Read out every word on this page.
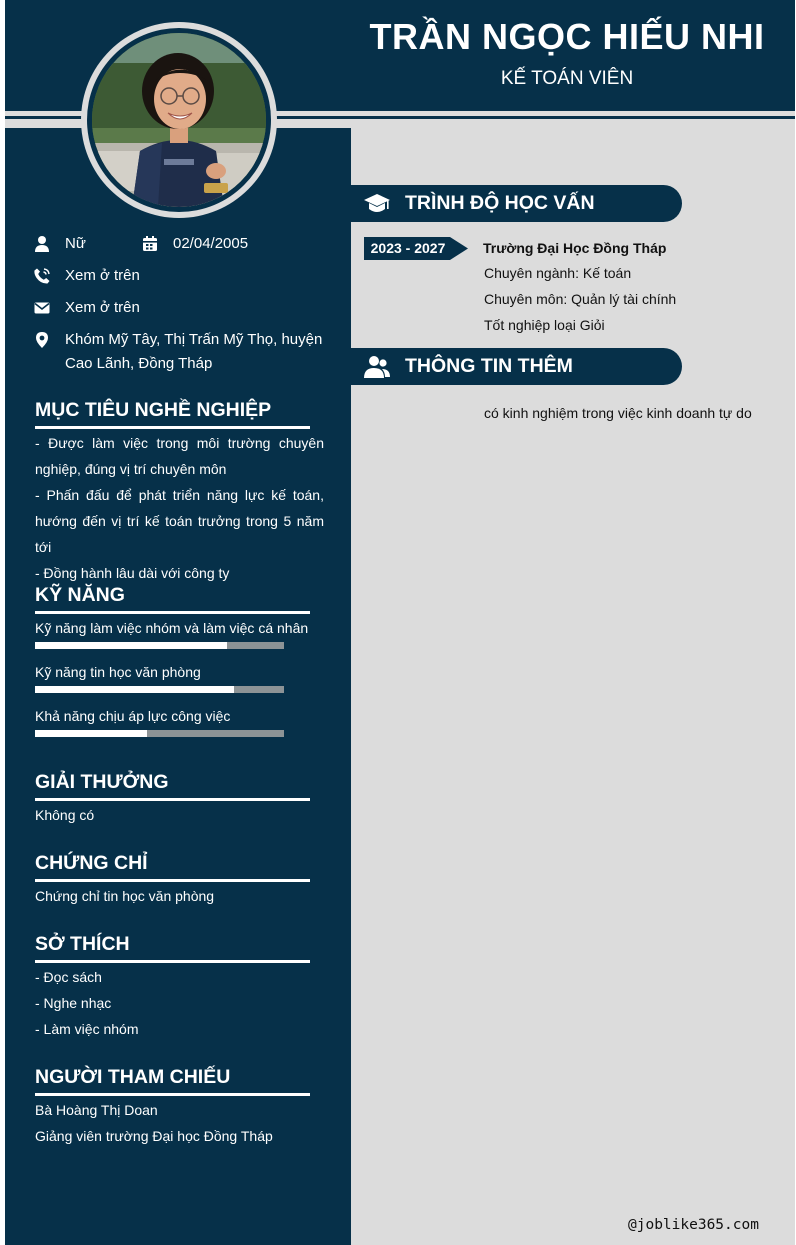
TRẦN NGỌC HIẾU NHI
KẾ TOÁN VIÊN
Nữ	02/04/2005
Xem ở trên
Xem ở trên
Khóm Mỹ Tây, Thị Trấn Mỹ Thọ, huyện
Cao Lãnh, Đồng Tháp
MỤC TIÊU NGHỀ NGHIỆP

- Được làm việc trong môi trường chuyên nghiệp, đúng vị trí chuyên môn

- Phấn đấu để phát triển năng lực kế toán, hướng đến vị trí kế toán trưởng trong 5 năm tới

- Đồng hành lâu dài với công ty

KỸ NĂNG
Kỹ năng làm việc nhóm và làm việc cá nhân
Kỹ năng tin học văn phòng
Khả năng chịu áp lực công việc
GIẢI THƯỞNG
Không có
CHỨNG CHỈ
Chứng chỉ tin học văn phòng
SỞ THÍCH
- Đọc sách
- Nghe nhạc
- Làm việc nhóm
NGƯỜI THAM CHIẾU
Bà Hoàng Thị Doan
Giảng viên trường Đại học Đồng Tháp
TRÌNH ĐỘ HỌC VẤN
2023 - 2027	Trường Đại Học Đồng Tháp
Chuyên ngành: Kế toán
Chuyên môn: Quản lý tài chính
Tốt nghiệp loại Giỏi
THÔNG TIN THÊM
có kinh nghiệm trong việc kinh doanh tự do
@joblike365.com
